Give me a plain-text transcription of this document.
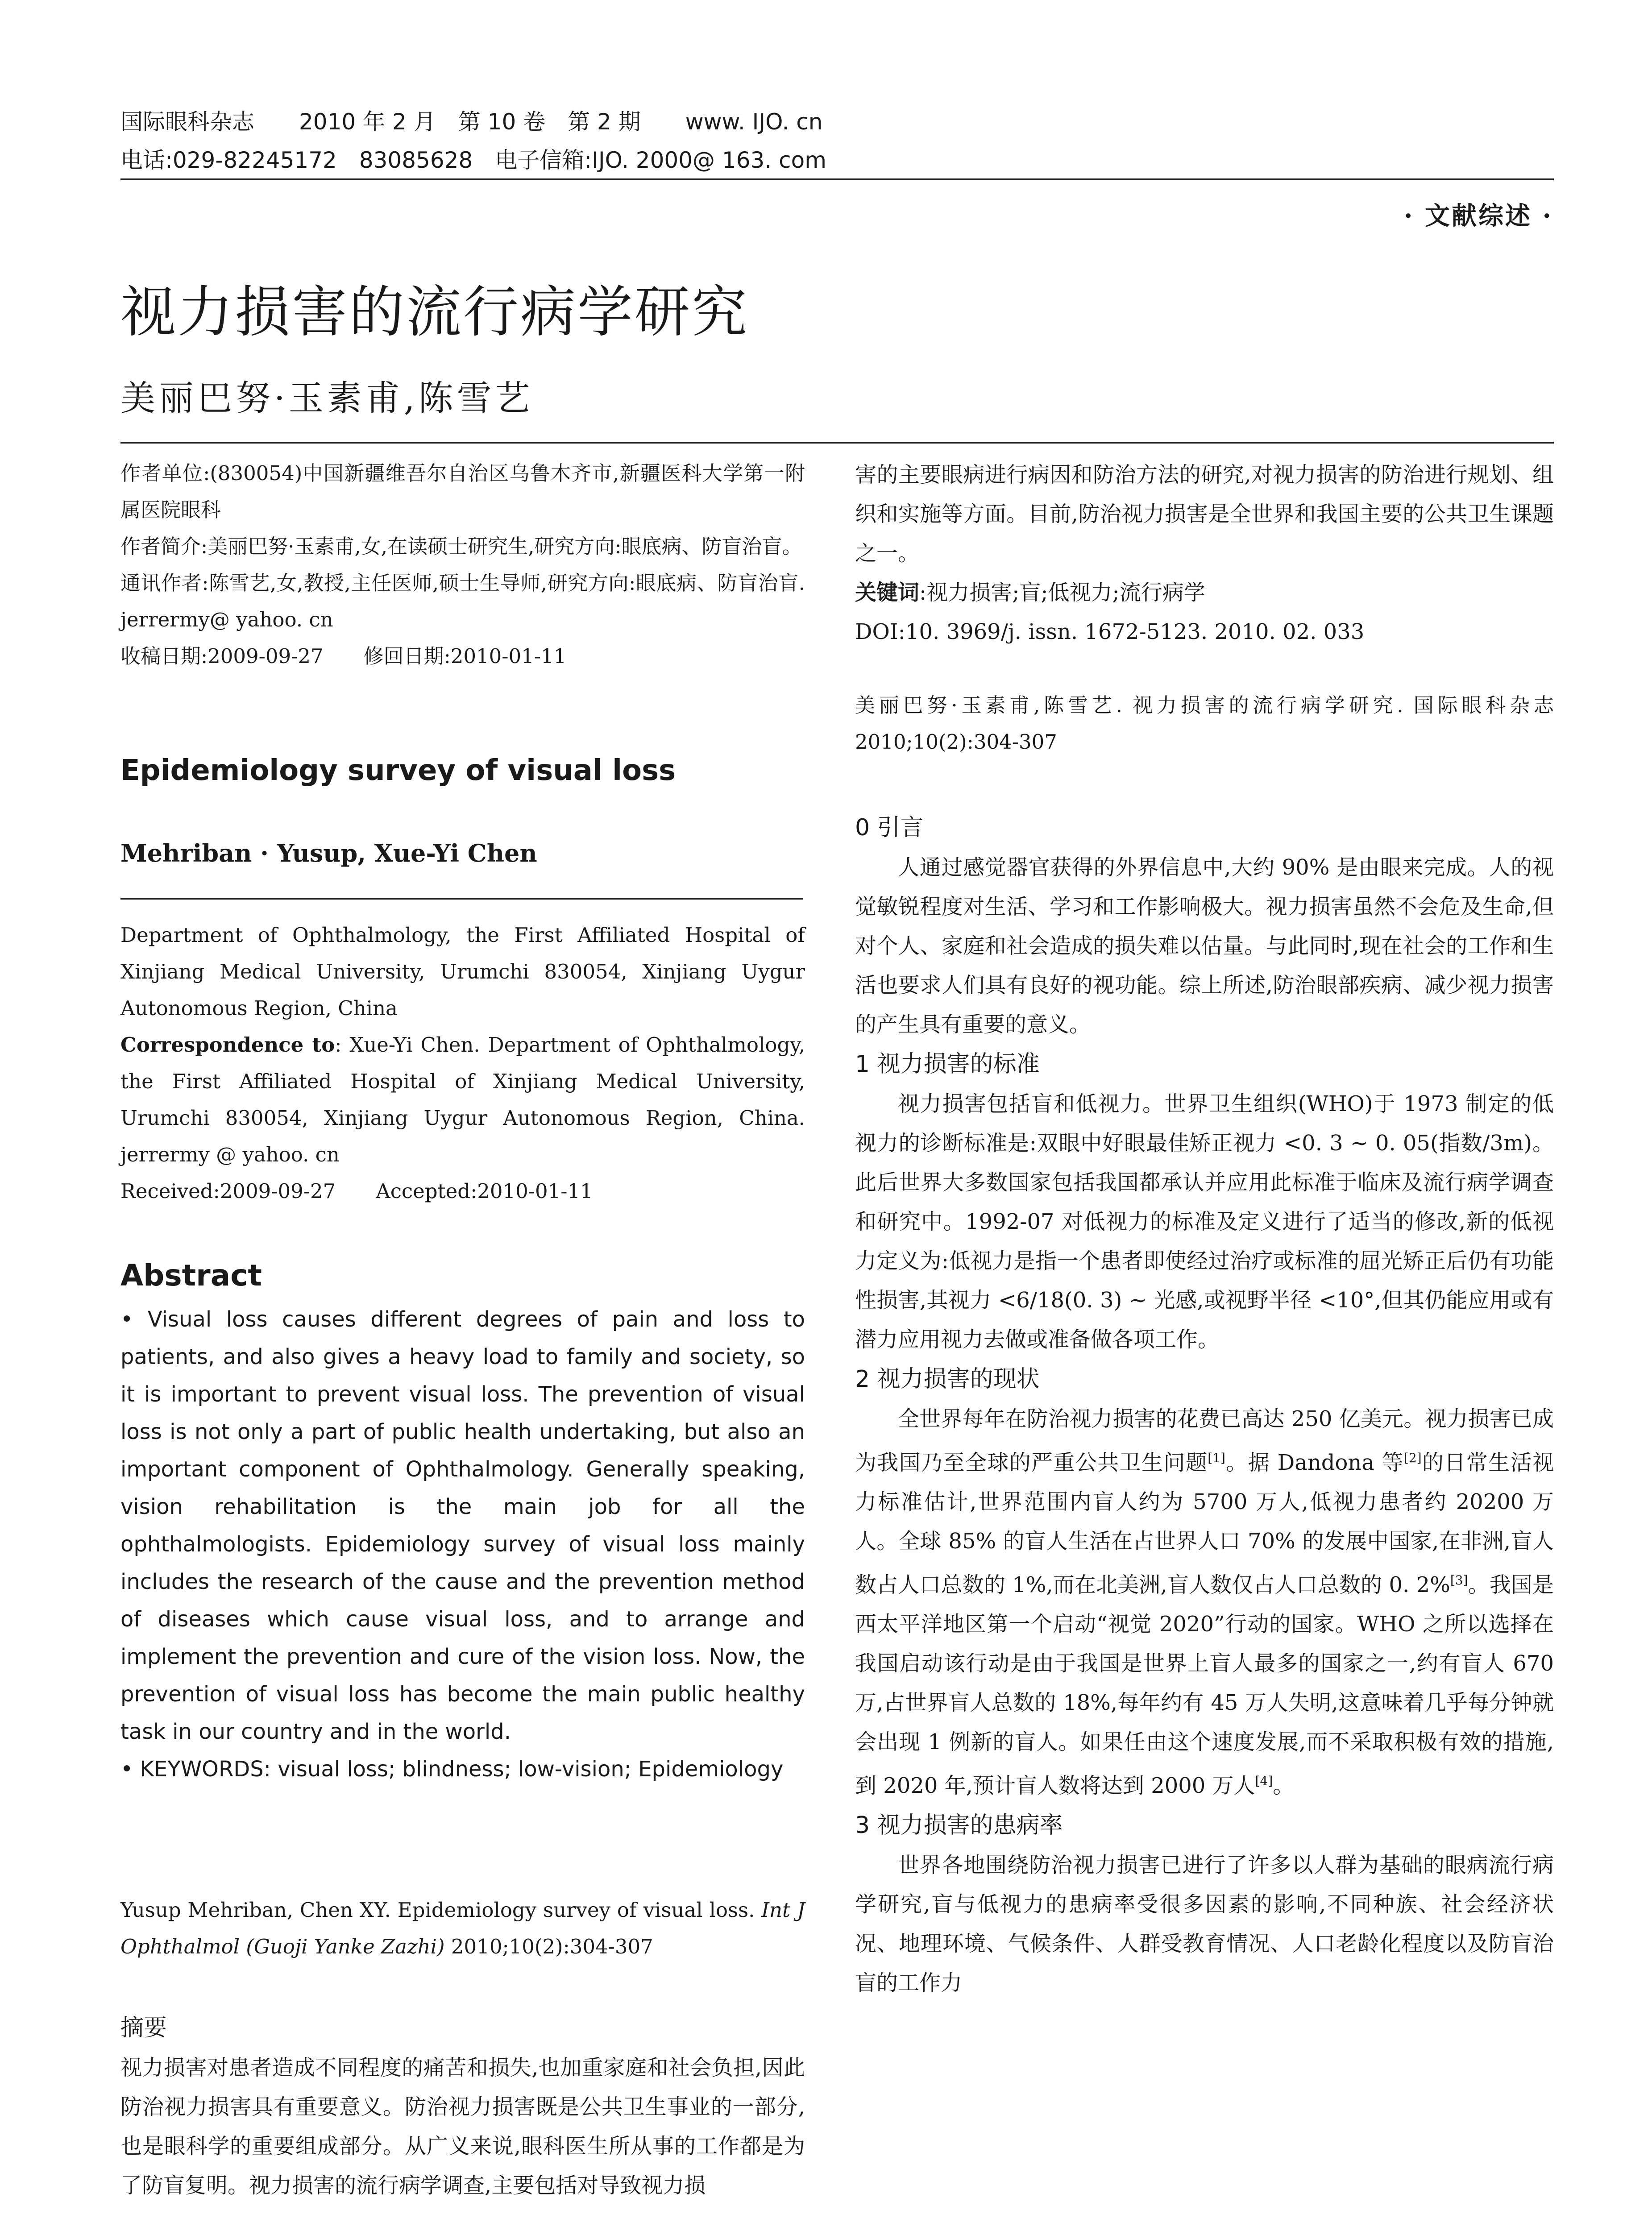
国际眼科杂志　　2010 年 2 月　第 10 卷　第 2 期　　www. IJO. cn
电话:029-82245172　83085628　电子信箱:IJO. 2000@ 163. com
· 文献综述 ·
视力损害的流行病学研究
美丽巴努·玉素甫,陈雪艺

作者单位:(830054)中国新疆维吾尔自治区乌鲁木齐市,新疆医科大学第一附属医院眼科

作者简介:美丽巴努·玉素甫,女,在读硕士研究生,研究方向:眼底病、防盲治盲。

通讯作者:陈雪艺,女,教授,主任医师,硕士生导师,研究方向:眼底病、防盲治盲. jerrermy@ yahoo. cn

收稿日期:2009-09-27　　修回日期:2010-01-11

Epidemiology survey of visual loss
Mehriban · Yusup, Xue-Yi Chen

Department of Ophthalmology, the First Affiliated Hospital of Xinjiang Medical University, Urumchi 830054, Xinjiang Uygur Autonomous Region, China

Correspondence to: Xue-Yi Chen. Department of Ophthalmology, the First Affiliated Hospital of Xinjiang Medical University, Urumchi 830054, Xinjiang Uygur Autonomous Region, China. jerrermy @ yahoo. cn

Received:2009-09-27　　Accepted:2010-01-11

Abstract

• Visual loss causes different degrees of pain and loss to patients, and also gives a heavy load to family and society, so it is important to prevent visual loss. The prevention of visual loss is not only a part of public health undertaking, but also an important component of Ophthalmology. Generally speaking, vision rehabilitation is the main job for all the ophthalmologists. Epidemiology survey of visual loss mainly includes the research of the cause and the prevention method of diseases which cause visual loss, and to arrange and implement the prevention and cure of the vision loss. Now, the prevention of visual loss has become the main public healthy task in our country and in the world.

• KEYWORDS: visual loss; blindness; low-vision; Epidemiology

Yusup Mehriban, Chen XY. Epidemiology survey of visual loss. Int J Ophthalmol (Guoji Yanke Zazhi) 2010;10(2):304-307

摘要

视力损害对患者造成不同程度的痛苦和损失,也加重家庭和社会负担,因此防治视力损害具有重要意义。防治视力损害既是公共卫生事业的一部分,也是眼科学的重要组成部分。从广义来说,眼科医生所从事的工作都是为了防盲复明。视力损害的流行病学调查,主要包括对导致视力损

害的主要眼病进行病因和防治方法的研究,对视力损害的防治进行规划、组织和实施等方面。目前,防治视力损害是全世界和我国主要的公共卫生课题之一。

关键词:视力损害;盲;低视力;流行病学

DOI:10. 3969/j. issn. 1672-5123. 2010. 02. 033

美丽巴努·玉素甫,陈雪艺. 视力损害的流行病学研究. 国际眼科杂志 2010;10(2):304-307

0 引言

人通过感觉器官获得的外界信息中,大约 90% 是由眼来完成。人的视觉敏锐程度对生活、学习和工作影响极大。视力损害虽然不会危及生命,但对个人、家庭和社会造成的损失难以估量。与此同时,现在社会的工作和生活也要求人们具有良好的视功能。综上所述,防治眼部疾病、减少视力损害的产生具有重要的意义。

1 视力损害的标准

视力损害包括盲和低视力。世界卫生组织(WHO)于 1973 制定的低视力的诊断标准是:双眼中好眼最佳矫正视力 <0. 3 ~ 0. 05(指数/3m)。此后世界大多数国家包括我国都承认并应用此标准于临床及流行病学调查和研究中。1992-07 对低视力的标准及定义进行了适当的修改,新的低视力定义为:低视力是指一个患者即使经过治疗或标准的屈光矫正后仍有功能性损害,其视力 <6/18(0. 3) ~ 光感,或视野半径 <10°,但其仍能应用或有潜力应用视力去做或准备做各项工作。

2 视力损害的现状

全世界每年在防治视力损害的花费已高达 250 亿美元。视力损害已成为我国乃至全球的严重公共卫生问题[1]。据 Dandona 等[2]的日常生活视力标准估计,世界范围内盲人约为 5700 万人,低视力患者约 20200 万人。全球 85% 的盲人生活在占世界人口 70% 的发展中国家,在非洲,盲人数占人口总数的 1%,而在北美洲,盲人数仅占人口总数的 0. 2%[3]。我国是西太平洋地区第一个启动“视觉 2020”行动的国家。WHO 之所以选择在我国启动该行动是由于我国是世界上盲人最多的国家之一,约有盲人 670 万,占世界盲人总数的 18%,每年约有 45 万人失明,这意味着几乎每分钟就会出现 1 例新的盲人。如果任由这个速度发展,而不采取积极有效的措施,到 2020 年,预计盲人数将达到 2000 万人[4]。

3 视力损害的患病率

世界各地围绕防治视力损害已进行了许多以人群为基础的眼病流行病学研究,盲与低视力的患病率受很多因素的影响,不同种族、社会经济状况、地理环境、气候条件、人群受教育情况、人口老龄化程度以及防盲治盲的工作力
